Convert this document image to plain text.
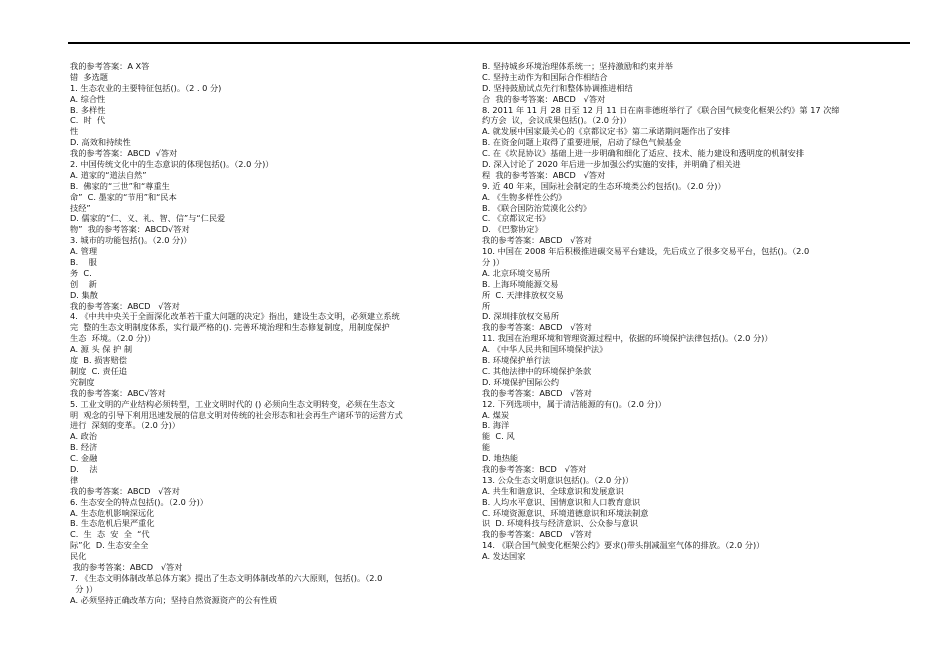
我的参考答案：A X答
错  多选题
1. 生态农业的主要特征包括()。（2 . 0 分)
A. 综合性
B. 多样性
C.  时  代
性
D. 高效和持续性
我的参考答案：ABCD  √答对
2. 中国传统文化中的生态意识的体现包括()。（2.0 分)）
A. 道家的“道法自然”
B.  佛家的“三世”和“尊重生
命”  C. 墨家的“节用”和“民本
技经”
D. 儒家的“仁、义、礼、智、信”与“仁民爱
物”  我的参考答案：ABCD√答对
3. 城市的功能包括()。（2.0 分)）
A. 管理
B.    服
务  C.
创    新
D. 集散
我的参考答案：ABCD   √答对
4. 《中共中央关于全面深化改革若干重大问题的决定》指出，建设生态文明，必须建立系统
完  整的生态文明制度体系，实行最严格的(). 完善环境治理和生态修复制度，用制度保护
生态  环境。（2.0 分)）
A. 源 头 保 护 制
度  B. 损害赔偿
制度  C. 责任追
究制度
我的参考答案：ABC√答对
5. 工业文明的产业结构必须转型，工业文明时代的 () 必须向生态文明转变，必须在生态文
明  观念的引导下利用迅速发展的信息文明对传统的社会形态和社会再生产诸环节的运营方式
进行  深刻的变革。（2.0 分)）
A. 政治
B. 经济
C. 金融
D.    法
律
我的参考答案：ABCD   √答对
6. 生态安全的特点包括()。（2.0 分)）
A. 生态危机影响深远化
B. 生态危机后果严重化
C.  生  态  安  全  “代
际”化  D. 生态安全全
民化
我的参考答案：ABCD   √答对
7. 《生态文明体制改革总体方案》提出了生态文明体制改革的六大原则，包括()。（2.0
分 )）
A. 必须坚持正确改革方向；坚持自然资源资产的公有性质
B. 坚持城乡环境治理体系统一；坚持激励和约束并举
C. 坚持主动作为和国际合作相结合
D. 坚持鼓励试点先行和整体协调推进相结
合  我的参考答案：ABCD   √答对
8. 2011 年 11 月 28 日至 12 月 11 日在南非德班举行了《联合国气候变化框架公约》第 17 次缔
约方会  议，会议成果包括()。（2.0 分)）
A. 就发展中国家最关心的《京都议定书》第二承诺期问题作出了安排
B. 在资金问题上取得了重要进展，启动了绿色气候基金
C. 在《坎昆协议》基础上进一步明确和细化了适应、技术、能力建设和透明度的机制安排
D. 深入讨论了 2020 年后进一步加强公约实施的安排，并明确了相关进
程  我的参考答案：ABCD   √答对
9. 近 40 年来，国际社会制定的生态环境类公约包括()。（2.0 分)）
A. 《生物多样性公约》
B. 《联合国防治荒漠化公约》
C. 《京都议定书》
D. 《巴黎协定》
我的参考答案：ABCD   √答对
10. 中国在 2008 年后积极推进碳交易平台建设，先后成立了很多交易平台，包括()。（2.0
分 )）
A. 北京环境交易所
B. 上海环境能源交易
所  C. 天津排放权交易
所
D. 深圳排放权交易所
我的参考答案：ABCD   √答对
11. 我国在治理环境和管理资源过程中，依据的环境保护法律包括()。（2.0 分)）
A. 《中华人民共和国环境保护法》
B. 环境保护单行法
C. 其他法律中的环境保护条款
D. 环境保护国际公约
我的参考答案：ABCD   √答对
12. 下列选项中，属于清洁能源的有()。（2.0 分)）
A. 煤炭
B. 海洋
能  C. 风
能
D. 地热能
我的参考答案：BCD   √答对
13. 公众生态文明意识包括()。（2.0 分)）
A. 共生和谐意识、全球意识和发展意识
B. 人均水平意识、国情意识和人口教育意识
C. 环境资源意识、环境道德意识和环境法制意
识  D. 环境科技与经济意识、公众参与意识
我的参考答案：ABCD   √答对
14. 《联合国气候变化框架公约》要求()带头削减温室气体的排放。（2.0 分)）
A. 发达国家
